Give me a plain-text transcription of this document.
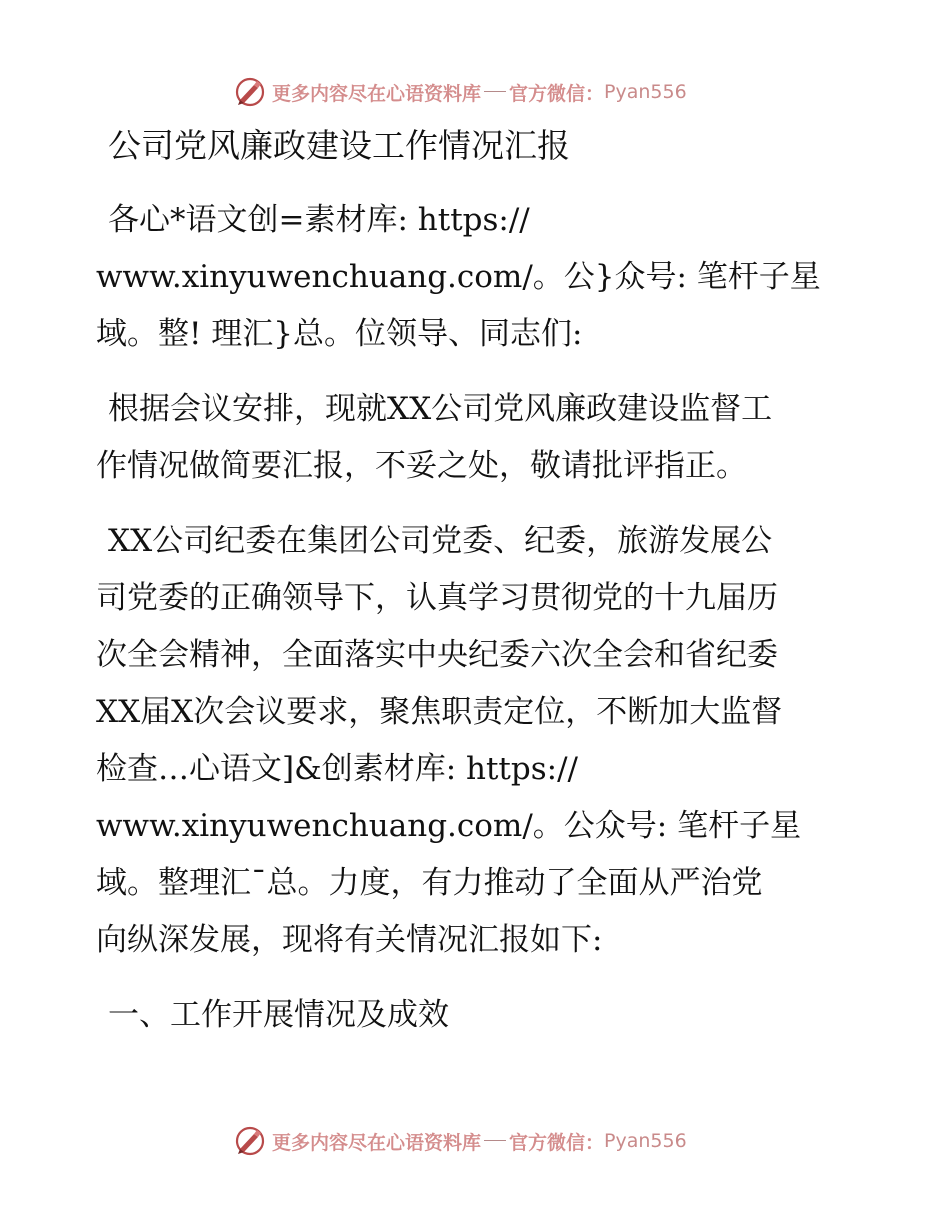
更多内容尽在心语资料库 官方微信： Pyan556
公司党风廉政建设工作情况汇报

各心*语文创=素材库: https://
www.xinyuwenchuang.com/。公}众号: 笔杆子星
域。整! 理汇}总。位领导、同志们:

根据会议安排，现就XX公司党风廉政建设监督工
作情况做简要汇报，不妥之处，敬请批评指正。

XX公司纪委在集团公司党委、纪委，旅游发展公
司党委的正确领导下，认真学习贯彻党的十九届历
次全会精神，全面落实中央纪委六次全会和省纪委
XX届X次会议要求，聚焦职责定位，不断加大监督
检查…心语文]&创素材库: https://
www.xinyuwenchuang.com/。公众号: 笔杆子星
域。整理汇¯总。力度，有力推动了全面从严治党
向纵深发展，现将有关情况汇报如下:

一、工作开展情况及成效
更多内容尽在心语资料库 官方微信： Pyan556
